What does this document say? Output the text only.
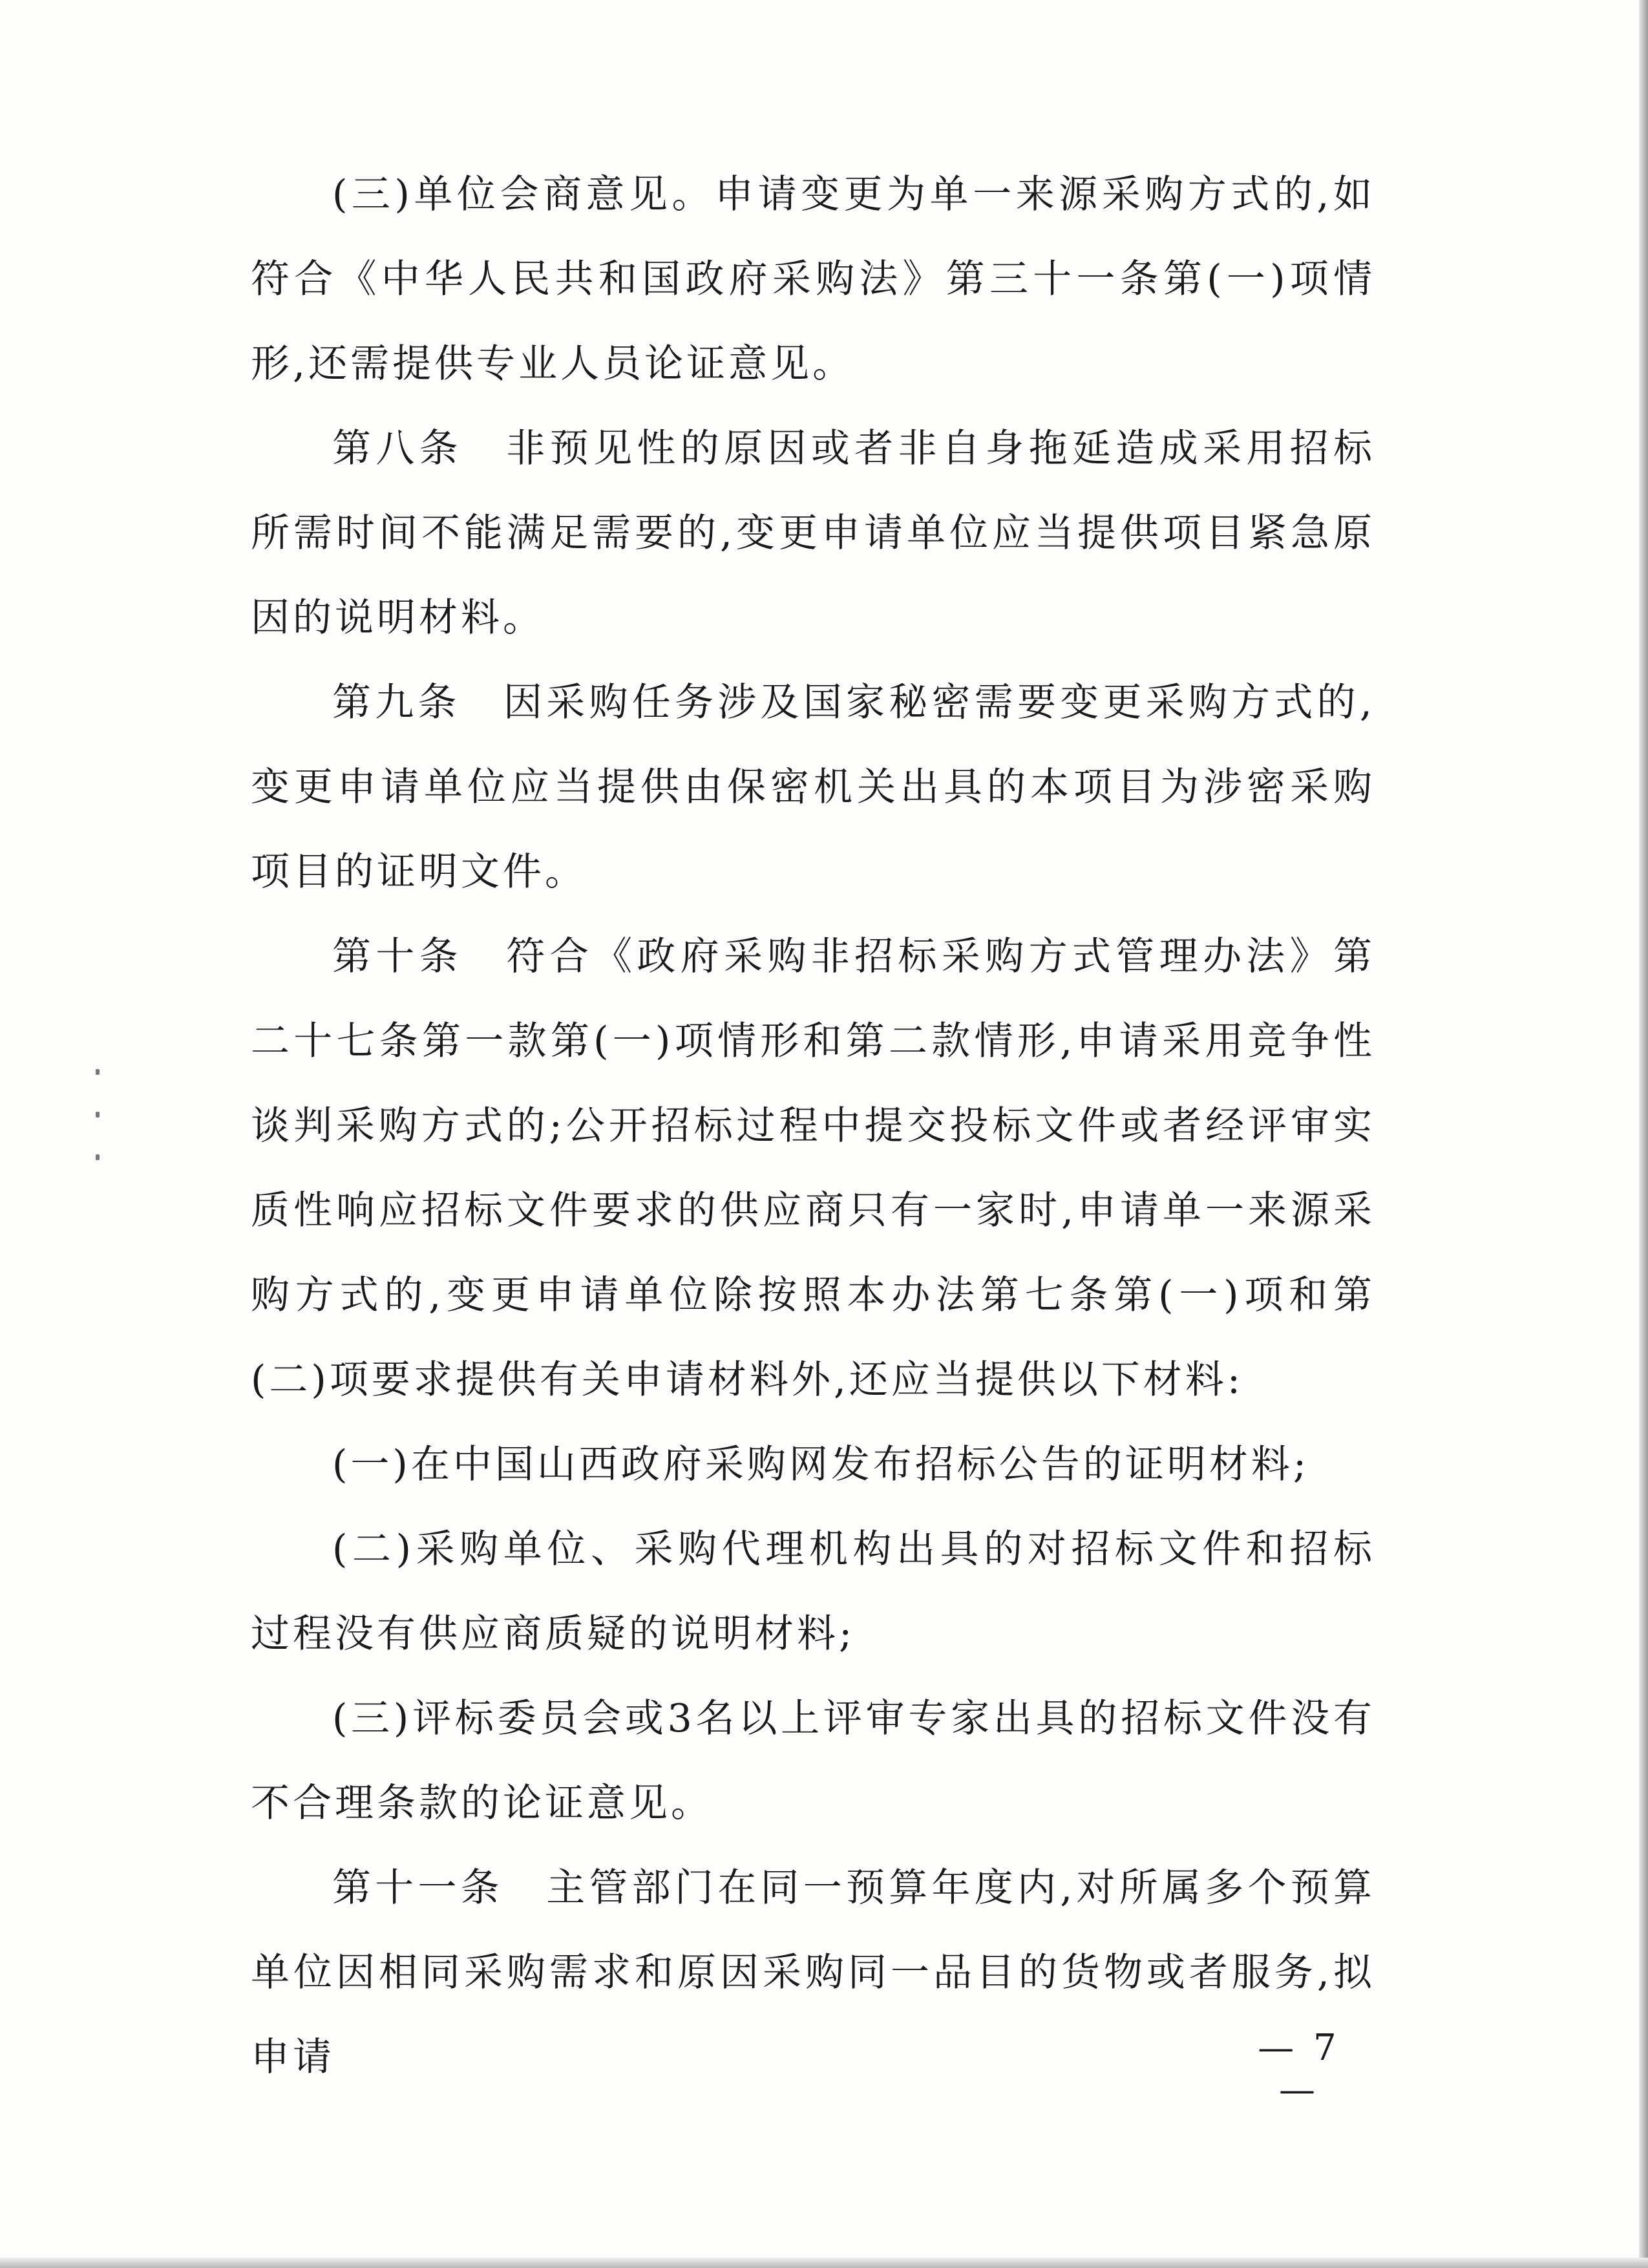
(三)单位会商意见。申请变更为单一来源采购方式的,如符合《中华人民共和国政府采购法》第三十一条第(一)项情形,还需提供专业人员论证意见。

第八条　非预见性的原因或者非自身拖延造成采用招标所需时间不能满足需要的,变更申请单位应当提供项目紧急原因的说明材料。

第九条　因采购任务涉及国家秘密需要变更采购方式的,变更申请单位应当提供由保密机关出具的本项目为涉密采购项目的证明文件。

第十条　符合《政府采购非招标采购方式管理办法》第二十七条第一款第(一)项情形和第二款情形,申请采用竞争性谈判采购方式的;公开招标过程中提交投标文件或者经评审实质性响应招标文件要求的供应商只有一家时,申请单一来源采购方式的,变更申请单位除按照本办法第七条第(一)项和第(二)项要求提供有关申请材料外,还应当提供以下材料:

(一)在中国山西政府采购网发布招标公告的证明材料;

(二)采购单位、采购代理机构出具的对招标文件和招标过程没有供应商质疑的说明材料;

(三)评标委员会或3名以上评审专家出具的招标文件没有不合理条款的论证意见。

第十一条　主管部门在同一预算年度内,对所属多个预算单位因相同采购需求和原因采购同一品目的货物或者服务,拟申请	— 7 —
